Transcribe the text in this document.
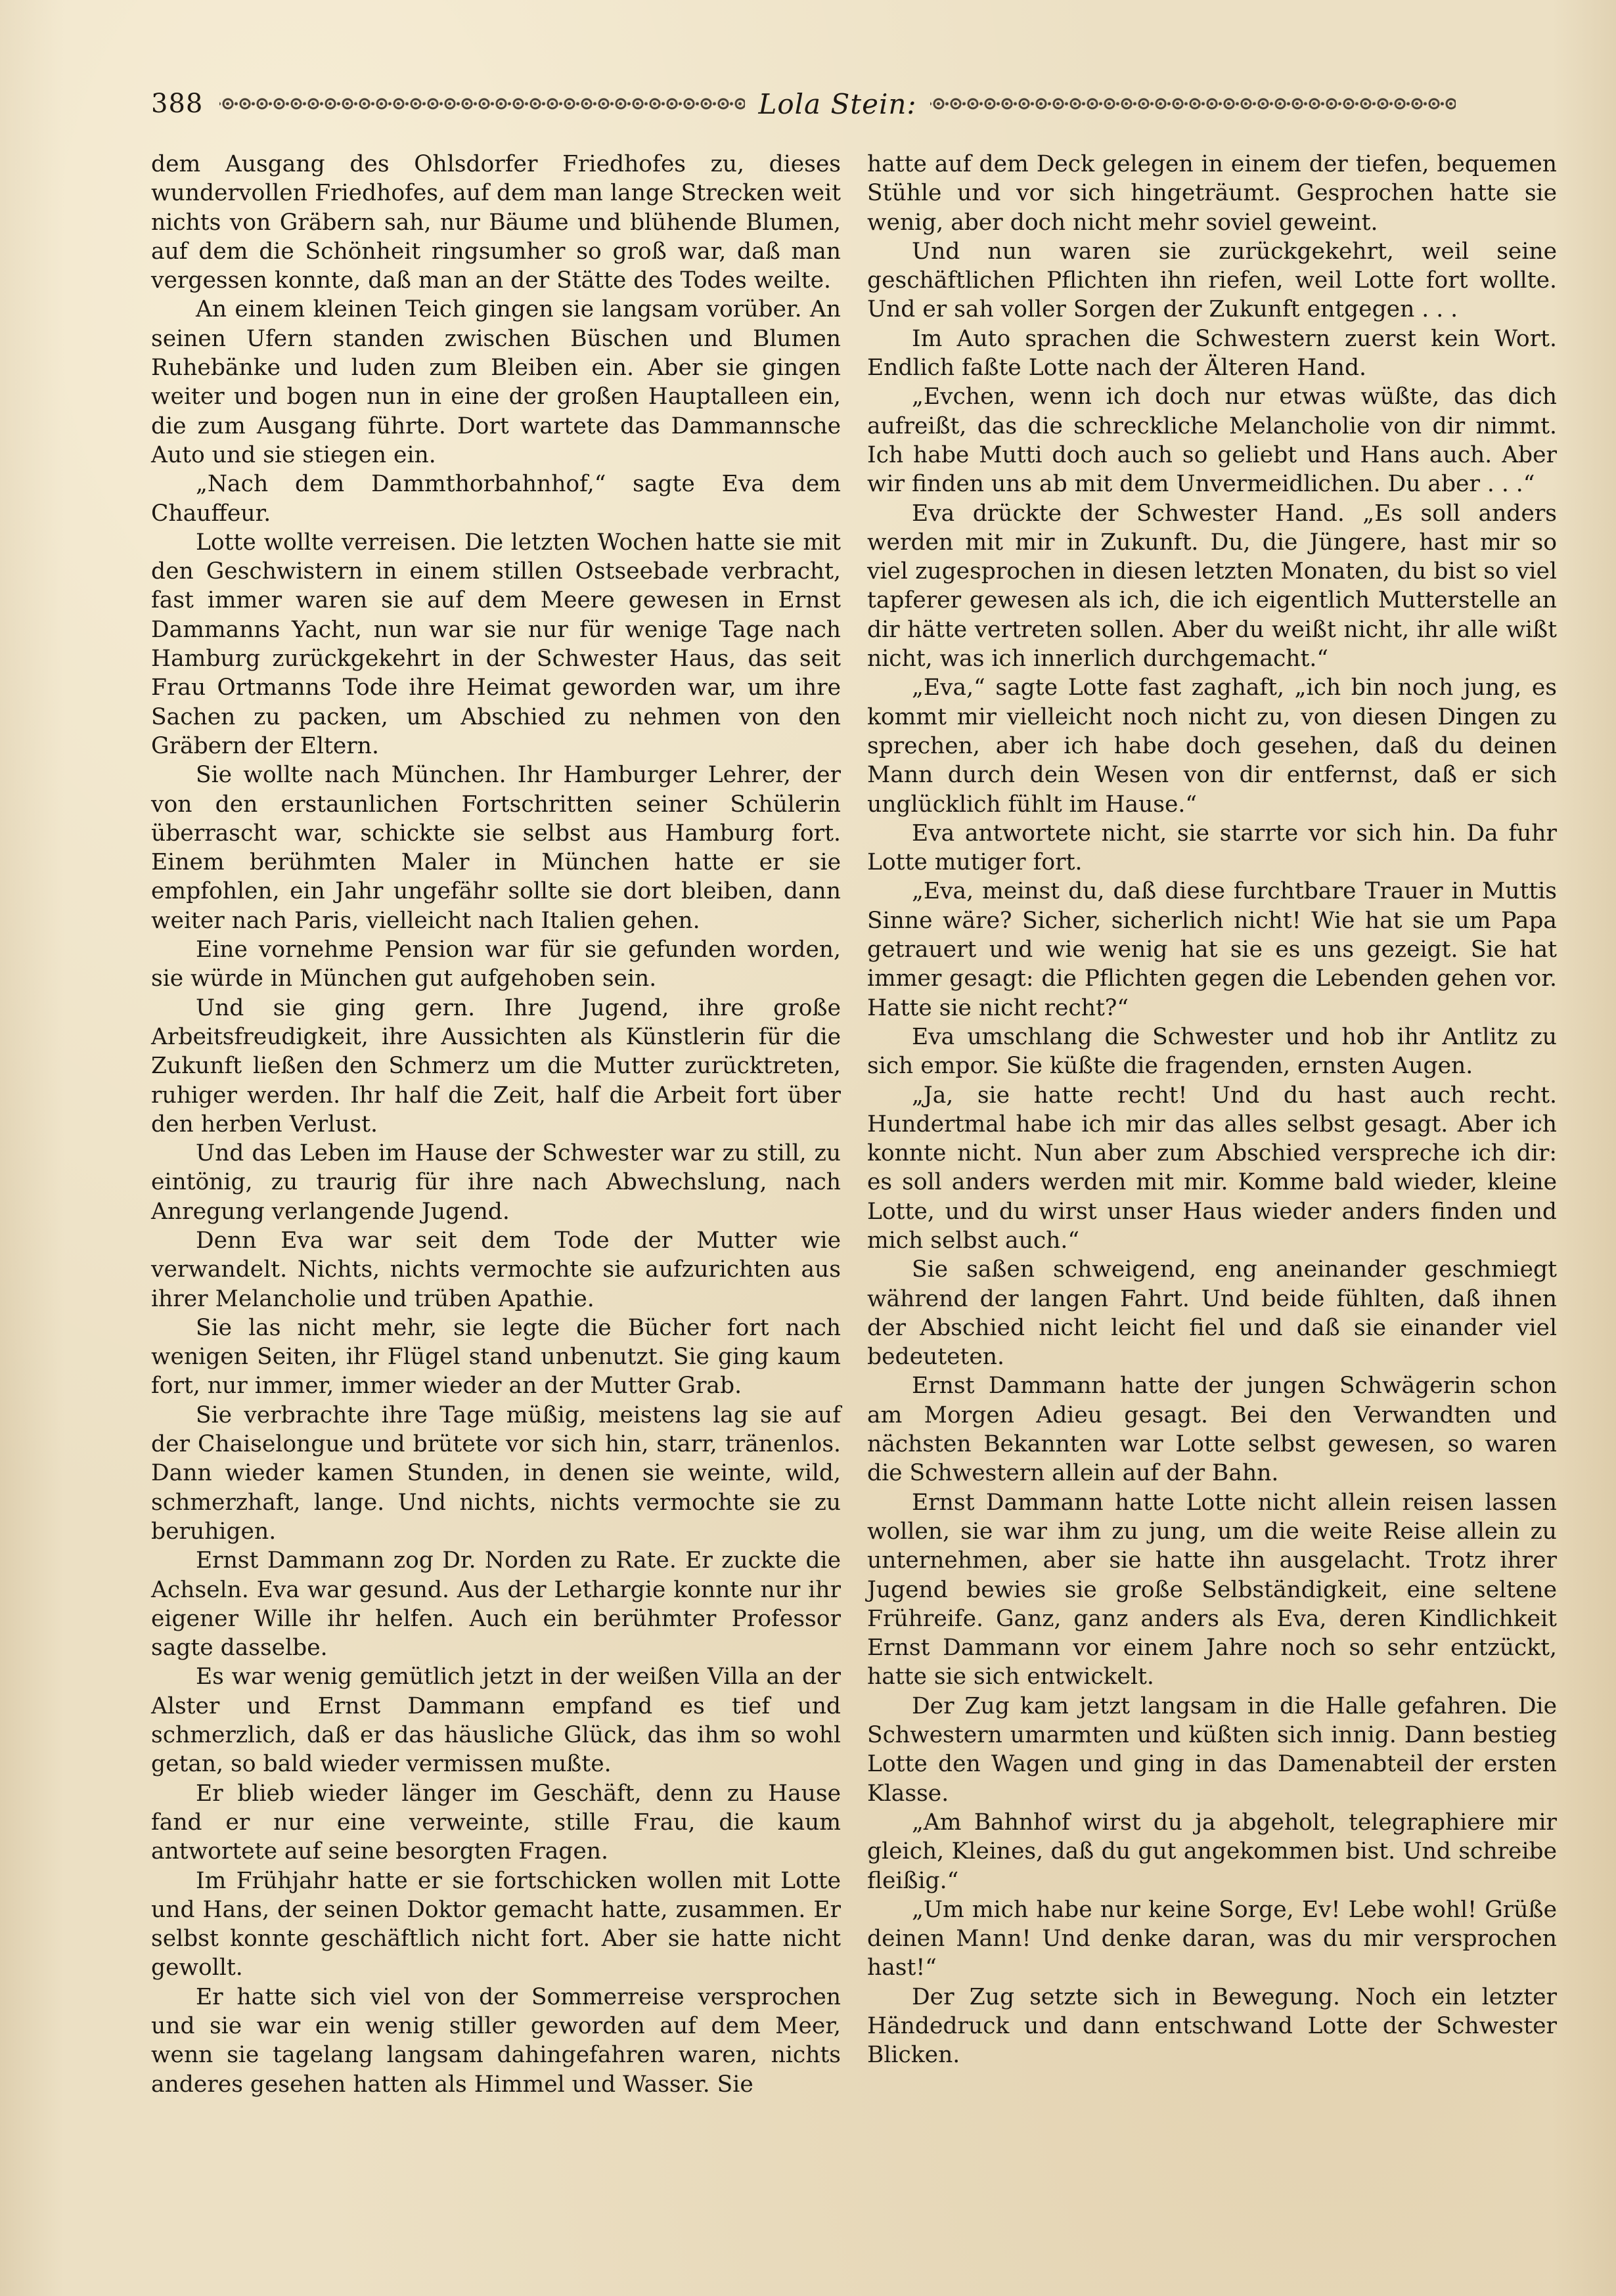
388	Lola Stein:

dem Ausgang des Ohlsdorfer Friedhofes zu, dieses wundervollen Friedhofes, auf dem man lange Strecken weit nichts von Gräbern sah, nur Bäume und blühende Blumen, auf dem die Schönheit ringsumher so groß war, daß man vergessen konnte, daß man an der Stätte des Todes weilte.

An einem kleinen Teich gingen sie langsam vorüber. An seinen Ufern standen zwischen Büschen und Blumen Ruhebänke und luden zum Bleiben ein. Aber sie gingen weiter und bogen nun in eine der großen Hauptalleen ein, die zum Ausgang führte. Dort wartete das Dammannsche Auto und sie stiegen ein.

„Nach dem Dammthorbahnhof,“ sagte Eva dem Chauffeur.

Lotte wollte verreisen. Die letzten Wochen hatte sie mit den Geschwistern in einem stillen Ostseebade verbracht, fast immer waren sie auf dem Meere gewesen in Ernst Dammanns Yacht, nun war sie nur für wenige Tage nach Hamburg zurückgekehrt in der Schwester Haus, das seit Frau Ortmanns Tode ihre Heimat geworden war, um ihre Sachen zu packen, um Abschied zu nehmen von den Gräbern der Eltern.

Sie wollte nach München. Ihr Hamburger Lehrer, der von den erstaunlichen Fortschritten seiner Schülerin überrascht war, schickte sie selbst aus Hamburg fort. Einem berühmten Maler in München hatte er sie empfohlen, ein Jahr ungefähr sollte sie dort bleiben, dann weiter nach Paris, vielleicht nach Italien gehen.

Eine vornehme Pension war für sie gefunden worden, sie würde in München gut aufgehoben sein.

Und sie ging gern. Ihre Jugend, ihre große Arbeitsfreudigkeit, ihre Aussichten als Künstlerin für die Zukunft ließen den Schmerz um die Mutter zurücktreten, ruhiger werden. Ihr half die Zeit, half die Arbeit fort über den herben Verlust.

Und das Leben im Hause der Schwester war zu still, zu eintönig, zu traurig für ihre nach Abwechslung, nach Anregung verlangende Jugend.

Denn Eva war seit dem Tode der Mutter wie verwandelt. Nichts, nichts vermochte sie aufzurichten aus ihrer Melancholie und trüben Apathie.

Sie las nicht mehr, sie legte die Bücher fort nach wenigen Seiten, ihr Flügel stand unbenutzt. Sie ging kaum fort, nur immer, immer wieder an der Mutter Grab.

Sie verbrachte ihre Tage müßig, meistens lag sie auf der Chaiselongue und brütete vor sich hin, starr, tränenlos. Dann wieder kamen Stunden, in denen sie weinte, wild, schmerzhaft, lange. Und nichts, nichts vermochte sie zu beruhigen.

Ernst Dammann zog Dr. Norden zu Rate. Er zuckte die Achseln. Eva war gesund. Aus der Lethargie konnte nur ihr eigener Wille ihr helfen. Auch ein berühmter Professor sagte dasselbe.

Es war wenig gemütlich jetzt in der weißen Villa an der Alster und Ernst Dammann empfand es tief und schmerzlich, daß er das häusliche Glück, das ihm so wohl getan, so bald wieder vermissen mußte.

Er blieb wieder länger im Geschäft, denn zu Hause fand er nur eine verweinte, stille Frau, die kaum antwortete auf seine besorgten Fragen.

Im Frühjahr hatte er sie fortschicken wollen mit Lotte und Hans, der seinen Doktor gemacht hatte, zusammen. Er selbst konnte geschäftlich nicht fort. Aber sie hatte nicht gewollt.

Er hatte sich viel von der Sommerreise versprochen und sie war ein wenig stiller geworden auf dem Meer, wenn sie tagelang langsam dahingefahren waren, nichts anderes gesehen hatten als Himmel und Wasser. Sie

hatte auf dem Deck gelegen in einem der tiefen, bequemen Stühle und vor sich hingeträumt. Gesprochen hatte sie wenig, aber doch nicht mehr soviel geweint.

Und nun waren sie zurückgekehrt, weil seine geschäftlichen Pflichten ihn riefen, weil Lotte fort wollte. Und er sah voller Sorgen der Zukunft entgegen . . .

Im Auto sprachen die Schwestern zuerst kein Wort. Endlich faßte Lotte nach der Älteren Hand.

„Evchen, wenn ich doch nur etwas wüßte, das dich aufreißt, das die schreckliche Melancholie von dir nimmt. Ich habe Mutti doch auch so geliebt und Hans auch. Aber wir finden uns ab mit dem Unvermeidlichen. Du aber . . .“

Eva drückte der Schwester Hand. „Es soll anders werden mit mir in Zukunft. Du, die Jüngere, hast mir so viel zugesprochen in diesen letzten Monaten, du bist so viel tapferer gewesen als ich, die ich eigentlich Mutterstelle an dir hätte vertreten sollen. Aber du weißt nicht, ihr alle wißt nicht, was ich innerlich durchgemacht.“

„Eva,“ sagte Lotte fast zaghaft, „ich bin noch jung, es kommt mir vielleicht noch nicht zu, von diesen Dingen zu sprechen, aber ich habe doch gesehen, daß du deinen Mann durch dein Wesen von dir entfernst, daß er sich unglücklich fühlt im Hause.“

Eva antwortete nicht, sie starrte vor sich hin. Da fuhr Lotte mutiger fort.

„Eva, meinst du, daß diese furchtbare Trauer in Muttis Sinne wäre? Sicher, sicherlich nicht! Wie hat sie um Papa getrauert und wie wenig hat sie es uns gezeigt. Sie hat immer gesagt: die Pflichten gegen die Lebenden gehen vor. Hatte sie nicht recht?“

Eva umschlang die Schwester und hob ihr Antlitz zu sich empor. Sie küßte die fragenden, ernsten Augen.

„Ja, sie hatte recht! Und du hast auch recht. Hundertmal habe ich mir das alles selbst gesagt. Aber ich konnte nicht. Nun aber zum Abschied verspreche ich dir: es soll anders werden mit mir. Komme bald wieder, kleine Lotte, und du wirst unser Haus wieder anders finden und mich selbst auch.“

Sie saßen schweigend, eng aneinander geschmiegt während der langen Fahrt. Und beide fühlten, daß ihnen der Abschied nicht leicht fiel und daß sie einander viel bedeuteten.

Ernst Dammann hatte der jungen Schwägerin schon am Morgen Adieu gesagt. Bei den Verwandten und nächsten Bekannten war Lotte selbst gewesen, so waren die Schwestern allein auf der Bahn.

Ernst Dammann hatte Lotte nicht allein reisen lassen wollen, sie war ihm zu jung, um die weite Reise allein zu unternehmen, aber sie hatte ihn ausgelacht. Trotz ihrer Jugend bewies sie große Selbständigkeit, eine seltene Frühreife. Ganz, ganz anders als Eva, deren Kindlichkeit Ernst Dammann vor einem Jahre noch so sehr entzückt, hatte sie sich entwickelt.

Der Zug kam jetzt langsam in die Halle gefahren. Die Schwestern umarmten und küßten sich innig. Dann bestieg Lotte den Wagen und ging in das Damenabteil der ersten Klasse.

„Am Bahnhof wirst du ja abgeholt, telegraphiere mir gleich, Kleines, daß du gut angekommen bist. Und schreibe fleißig.“

„Um mich habe nur keine Sorge, Ev! Lebe wohl! Grüße deinen Mann! Und denke daran, was du mir versprochen hast!“

Der Zug setzte sich in Bewegung. Noch ein letzter Händedruck und dann entschwand Lotte der Schwester Blicken.
